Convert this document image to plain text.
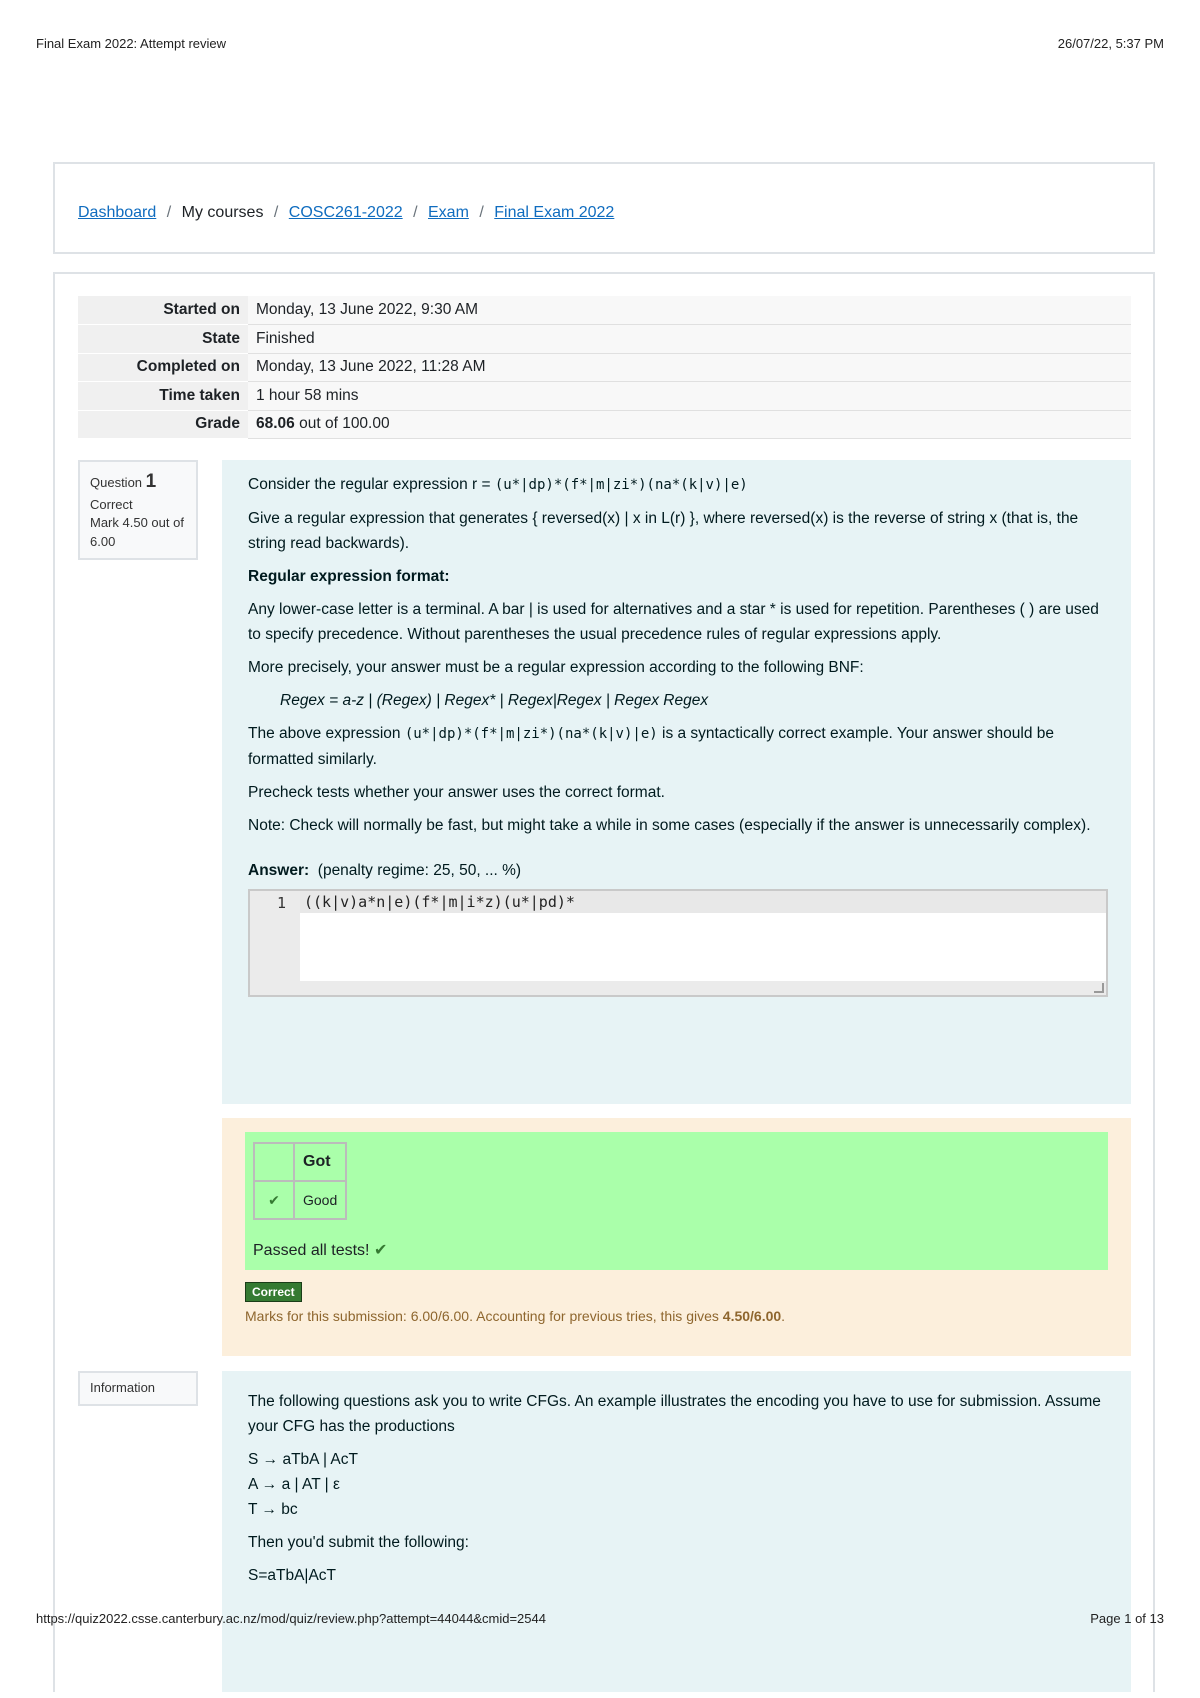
Final Exam 2022: Attempt review	26/07/22, 5:37 PM
Dashboard / My courses / COSC261-2022 / Exam / Final Exam 2022
Started on	Monday, 13 June 2022, 9:30 AM
State	Finished
Completed on	Monday, 13 June 2022, 11:28 AM
Time taken	1 hour 58 mins
Grade	68.06 out of 100.00
Question 1
Correct
Mark 4.50 out of 6.00

Consider the regular expression r = (u*|dp)*(f*|m|zi*)(na*(k|v)|e)

Give a regular expression that generates { reversed(x) | x in L(r) }, where reversed(x) is the reverse of string x (that is, the string read backwards).

Regular expression format:

Any lower-case letter is a terminal. A bar | is used for alternatives and a star * is used for repetition. Parentheses ( ) are used to specify precedence. Without parentheses the usual precedence rules of regular expressions apply.

More precisely, your answer must be a regular expression according to the following BNF:

Regex = a-z | (Regex) | Regex* | Regex|Regex | Regex Regex

The above expression (u*|dp)*(f*|m|zi*)(na*(k|v)|e) is a syntactically correct example. Your answer should be formatted similarly.

Precheck tests whether your answer uses the correct format.

Note: Check will normally be fast, but might take a while in some cases (especially if the answer is unnecessarily complex).

Answer: (penalty regime: 25, 50, ... %)

1	((k|v)a*n|e)(f*|m|i*z)(u*|pd)*
	Got
✔	Good
Passed all tests! ✔
Correct
Marks for this submission: 6.00/6.00. Accounting for previous tries, this gives 4.50/6.00.
Information

The following questions ask you to write CFGs. An example illustrates the encoding you have to use for submission. Assume your CFG has the productions

S → aTbA | AcT

A → a | AT | ε

T → bc

Then you'd submit the following:

S=aTbA|AcT

https://quiz2022.csse.canterbury.ac.nz/mod/quiz/review.php?attempt=44044&cmid=2544	Page 1 of 13
